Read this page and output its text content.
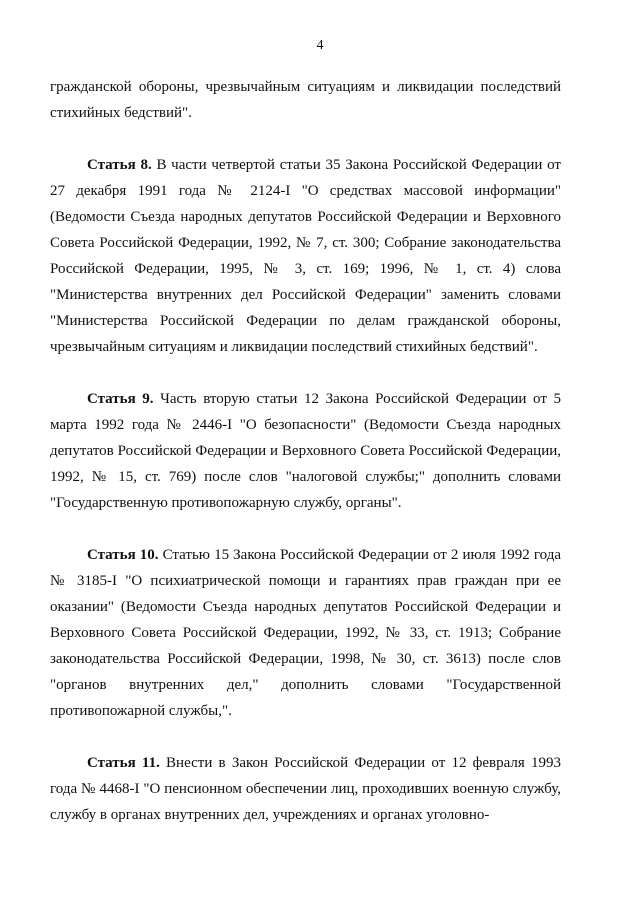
4

гражданской обороны, чрезвычайным ситуациям и ликвидации последствий стихийных бедствий".

Статья 8. В части четвертой статьи 35 Закона Российской Федерации от 27 декабря 1991 года № 2124-I "О средствах массовой информации" (Ведомости Съезда народных депутатов Российской Федерации и Верховного Совета Российской Федерации, 1992, № 7, ст. 300; Собрание законодательства Российской Федерации, 1995, № 3, ст. 169; 1996, № 1, ст. 4) слова "Министерства внутренних дел Российской Федерации" заменить словами "Министерства Российской Федерации по делам гражданской обороны, чрезвычайным ситуациям и ликвидации последствий стихийных бедствий".

Статья 9. Часть вторую статьи 12 Закона Российской Федерации от 5 марта 1992 года № 2446-I "О безопасности" (Ведомости Съезда народных депутатов Российской Федерации и Верховного Совета Российской Федерации, 1992, № 15, ст. 769) после слов "налоговой службы;" дополнить словами "Государственную противопожарную службу, органы".

Статья 10. Статью 15 Закона Российской Федерации от 2 июля 1992 года № 3185-I "О психиатрической помощи и гарантиях прав граждан при ее оказании" (Ведомости Съезда народных депутатов Российской Федерации и Верховного Совета Российской Федерации, 1992, № 33, ст. 1913; Собрание законодательства Российской Федерации, 1998, № 30, ст. 3613) после слов "органов внутренних дел," дополнить словами "Государственной противопожарной службы,".

Статья 11. Внести в Закон Российской Федерации от 12 февраля 1993 года № 4468-I "О пенсионном обеспечении лиц, проходивших военную службу, службу в органах внутренних дел, учреждениях и органах уголовно-
